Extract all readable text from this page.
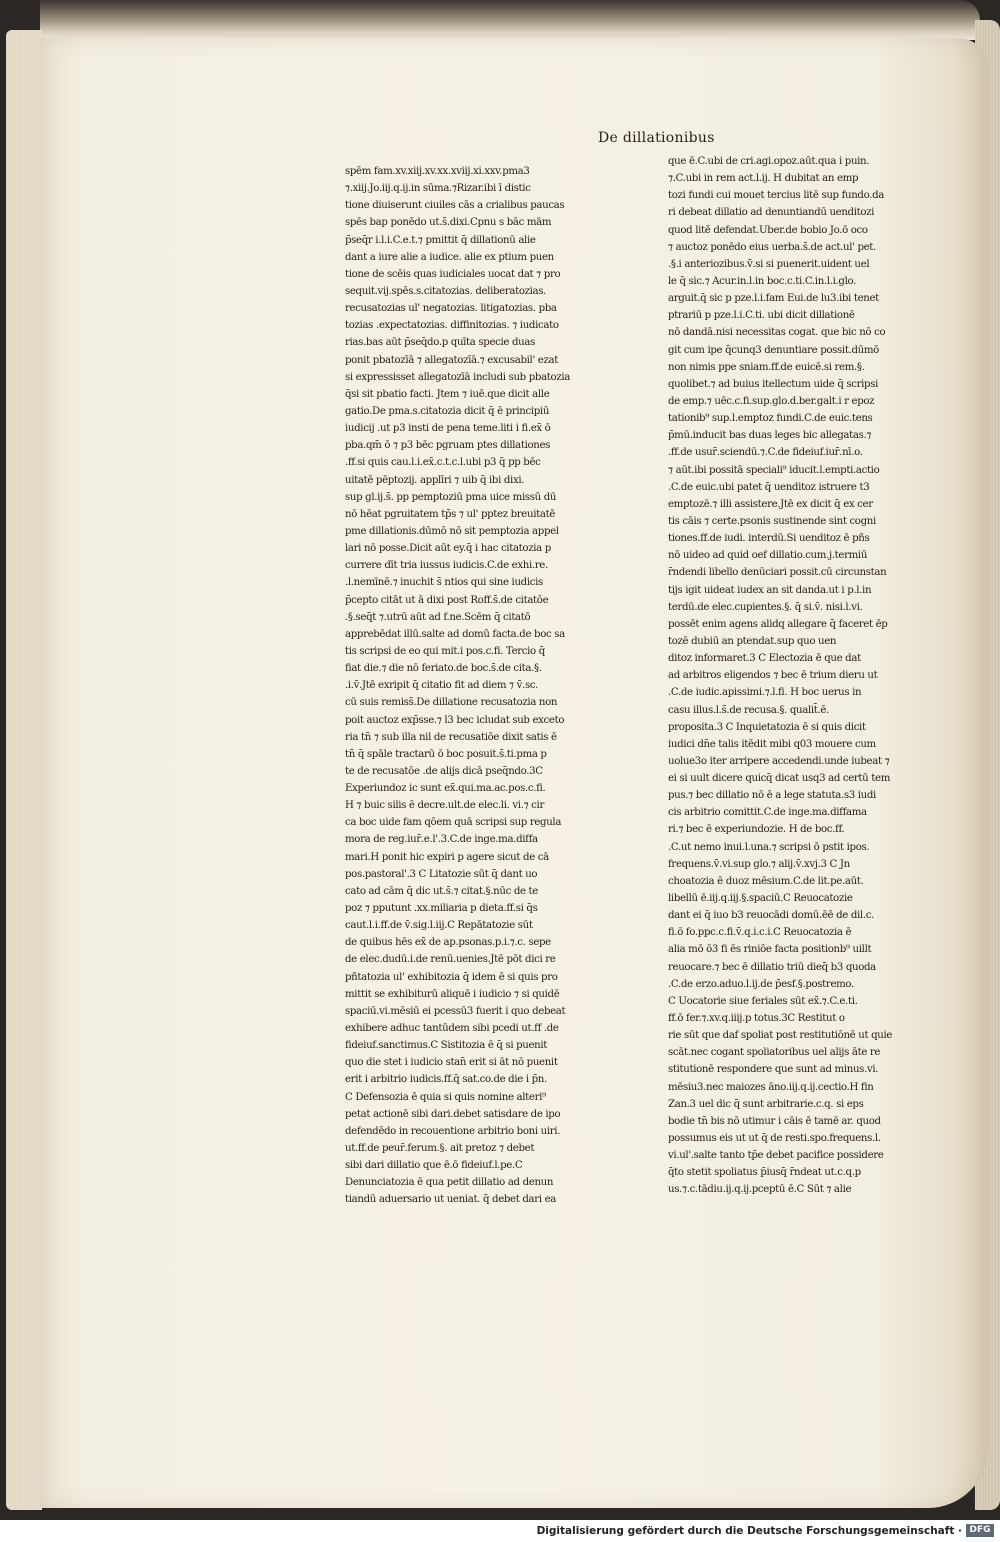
De dillationibus
spēm fam.xv.xiij.xv.xx.xviij.xi.xxv.pma3
⁊.xiij.Jo.iij.q.ij.in sūma.⁊Rizar.ibi ī distic
tione diuiserunt ciuiles cās a crialibus paucas
spēs bap ponēdo ut.s̄.dixi.Cpnu s bāc mām
p̄seq̄r i.l.i.C.e.t.⁊ pmittit q̄ dillationū alie
dant a iure alie a iudice. alie ex ptium puen
tione de scēis quas iudiciales uocat dat ⁊ pro
sequit.vij.spēs.s.citatozias. deliberatozias.
recusatozias ul' negatozias. litigatozias. pba
tozias .expectatozias. diffinitozias. ⁊ iudicato
rias.bas aūt p̄seq̄do.p quīta specie duas
ponit pbatozīā ⁊ allegatozīā.⁊ excusabil' ezat
si expressisset allegatozīā includi sub pbatozia
q̄si sit pbatio facti. Jtem ⁊ iuē.que dicit alle
gatio.De pma.s.citatozia dicit q̄ ē principiū
iudicij .ut p3 insti de pena teme.liti i fi.ex̄ ō
pba.qm̄ ō ⁊ p3 bēc pgruam ptes dillationes
.ff.si quis cau.l.i.ex̄.c.t.c.l.ubi p3 q̄ pp bēc
uitatē pēptozij. applīri ⁊ uib q̄ ibi dixi.
sup gl.ij.s̄. pp pemptoziū pma uice missū dū
nō hēat pgruitatem tp̄s ⁊ ul' pptez breuitatē
pme dillationis.dūmō nō sit pemptozia appel
lari nō posse.Dicit aūt ey.q̄ i hac citatozia p
currere dīt tria iussus iudicis.C.de exhi.re.
.l.nemīnē.⁊ inuchit s̄ ntios qui sine iudicis
p̄cepto citāt ut ā dixi post Roff.s̄.de citatōe
.§.seq̄t ⁊.utrū aūt ad f.ne.Scēm q̄ citatō
apprebēdat illū.salte ad domū facta.de boc sa
tis scripsi de eo qui mit.i pos.c.fi. Tercio q̄
fiat die.⁊ die nō feriato.de boc.s̄.de cita.§.
.i.v̄.Jtē exripit q̄ citatio fit ad diem ⁊ v̄.sc.
cū suis remiss̄.De dillatione recusatozia non
poit auctoz exp̄sse.⁊ l3 bec icludat sub exceto
ria tn̄ ⁊ sub illa nil de recusatiōe dixit satis ē
tn̄ q̄ spāle tractarū ō boc posuit.s̄.ti.pma p
te de recusatōe .de alijs dicā pseq̄ndo.3C
Experiundoz ic sunt ex̄.qui.ma.ac.pos.c.fi.
H ⁊ buic silis ē decre.ult.de elec.li. vi.⁊ cir
ca boc uide fam qōem quā scripsi sup regula
mora de reg.iur̄.e.l'.3.C.de inge.ma.diffa
mari.H ponit hic expiri p agere sicut de cā
pos.pastoral'.3 C Litatozie sūt q̄ dant uo
cato ad cām q̄ dic ut.s̄.⁊ citat.§.nūc de te
poz ⁊ pputunt .xx.miliaria p dieta.ff.si q̄s
caut.l.i.ff.de v̄.sig.l.iij.C Repātatozie sūt
de quibus hēs ex̄ de ap.psonas.p.i.⁊.c. sepe
de elec.dudū.i.de renū.uenies.Jtē pōt dici re
pñtatozia ul' exhibitozia q̄ idem ē si quis pro
mittit se exhibiturū aliquē i iudicio ⁊ si quidē
spaciū.vi.mēsiū ei pcessū3 fuerit i quo debeat
exhibere adhuc tantūdem sibi pcedi ut.ff .de
fideiuf.sanctimus.C Sistitozia ē q̄ si puenit
quo die stet i iudicio stan̄ erit si āt nō puenit
erit i arbitrio iudicis.ff.q̄ sat.co.de die i p̄n.
C Defensozia ē quia si quis nomine alteri⁹
petat actionē sibi dari.debet satisdare de ipo
defendēdo in recouentione arbitrio boni uiri.
ut.ff.de peur̄.ferum.§. ait pretoz ⁊ debet
sibi dari dillatio que ē.ō fideiuf.l.pe.C
Denunciatozia ē qua petit dillatio ad denun
tiandū aduersario ut ueniat. q̄ debet dari ea
que ē.C.ubi de cri.agi.opoz.aūt.qua i puin.
⁊.C.ubi in rem act.l.ij. H dubitat an emp
tozi fundi cui mouet tercius litē sup fundo.da
ri debeat dillatio ad denuntiandū uenditozi
quod litē defendat.Uber.de bobio Jo.ō oco
⁊ auctoz ponēdo eius uerba.s̄.de act.ul' pet.
.§.i anteriozibus.v̄.si si puenerit.uident uel
le q̄ sic.⁊ Acur.in.l.in boc.c.ti.C.in.l.i.glo.
arguit.q̄ sic p pze.l.i.fam Eui.de lu3.ibi tenet
ptrariū p pze.l.i.C.ti. ubi dicit dillationē
nō dandā.nisi necessitas cogat. que bic nō co
git cum ipe q̄cunq3 denuntiare possit.dūmō
non nimis ppe sniam.ff.de euicē.si rem.§.
quolibet.⁊ ad buius itellectum uide q̄ scripsi
de emp.⁊ uēc.c.fi.sup.glo.d.ber.galt.i r epoz
tationib⁹ sup.l.emptoz fundi.C.de euic.tens
p̄mū.inducit bas duas leges bic allegatas.⁊
.ff.de usur̄.sciendū.⁊.C.de fideiuf.iur̄.nī.o.
⁊ aūt.ibi possitā speciali⁹ iducit.l.empti.actio
.C.de euic.ubi patet q̄ uenditoz istruere t3
emptozē.⁊ illi assistere.Jtē ex dicit q̄ ex cer
tis cāis ⁊ certe.psonis sustinende sint cogni
tiones.ff.de iudi. interdū.Si uenditoz ē pñs
nō uideo ad quid oef dillatio.cum.j.termiū
r̄ndendi libello denūciari possit.cū circunstan
tijs igit uideat iudex an sit danda.ut i p.l.in
terdū.de elec.cupientes.§. q̄ si.v̄. nisi.l.vi.
possēt enim agens alidq allegare q̄ faceret ēp
tozē dubiū an ptendat.sup quo uen
ditoz informaret.3 C Electozia ē que dat
ad arbitros eligendos ⁊ bec ē trium dieru ut
.C.de iudic.apissimi.⁊.l.fi. H boc uerus in
casu illus.l.s̄.de recusa.§. qualit̄.ē.
proposita.3 C Inquietatozia ē si quis dicit
iudici dn̄e talis itēdit mibi q03 mouere cum
uolue3o iter arripere accedendi.unde iubeat ⁊
ei si uult dicere quicq̄ dicat usq3 ad certū tem
pus.⁊ bec dillatio nō ē a lege statuta.s3 iudi
cis arbitrio comittit.C.de inge.ma.diffama
ri.⁊ bec ē experiundozie. H de boc.ff.
.C.ut nemo inui.l.una.⁊ scripsi ō pstit ipos.
frequens.v̄.vi.sup glo.⁊ alij.v̄.xvj.3 C Jn
choatozia ē duoz mēsium.C.de lit.pe.aūt.
libellū ē.iij.q.iij.§.spaciū.C Reuocatozie
dant ei q̄ iuo b3 reuocādi domū.ēē de dil.c.
fi.ō fo.ppc.c.fi.v̄.q.i.c.i.C Reuocatozia ē
alia mō ō3 fi ēs riniōe facta positionb⁹ uillt
reuocare.⁊ bec ē dillatio triū dieq̄ b3 quoda
.C.de erzo.aduo.l.ij.de p̄esf.§.postremo.
C Uocatorie siue feriales sūt ex̄.⁊.C.e.ti.
ff.ō fer.⁊.xv.q.iiij.p totus.3C Restitut o
rie sūt que daf spoliat post restitutiōnē ut quie
scāt.nec cogant spoliatoribus uel alijs āte re
stitutionē respondere que sunt ad minus.vi.
mēsiu3.nec maiozes āno.iij.q.ij.cectio.H fin
Zan.3 uel dic q̄ sunt arbitrarie.c.q. si eps
bodie tn̄ bis nō utimur i cāis ē tamē ar. quod
possumus eis ut ut q̄ de resti.spo.frequens.l.
vi.ul'.salte tanto tp̄e debet pacifice possidere
q̄to stetit spoliatus p̄iusq̄ r̄ndeat ut.c.q.p
us.⁊.c.tādiu.ij.q.ij.pceptū ē.C Sūt ⁊ alie
Digitalisierung gefördert durch die Deutsche Forschungsgemeinschaft · DFG
